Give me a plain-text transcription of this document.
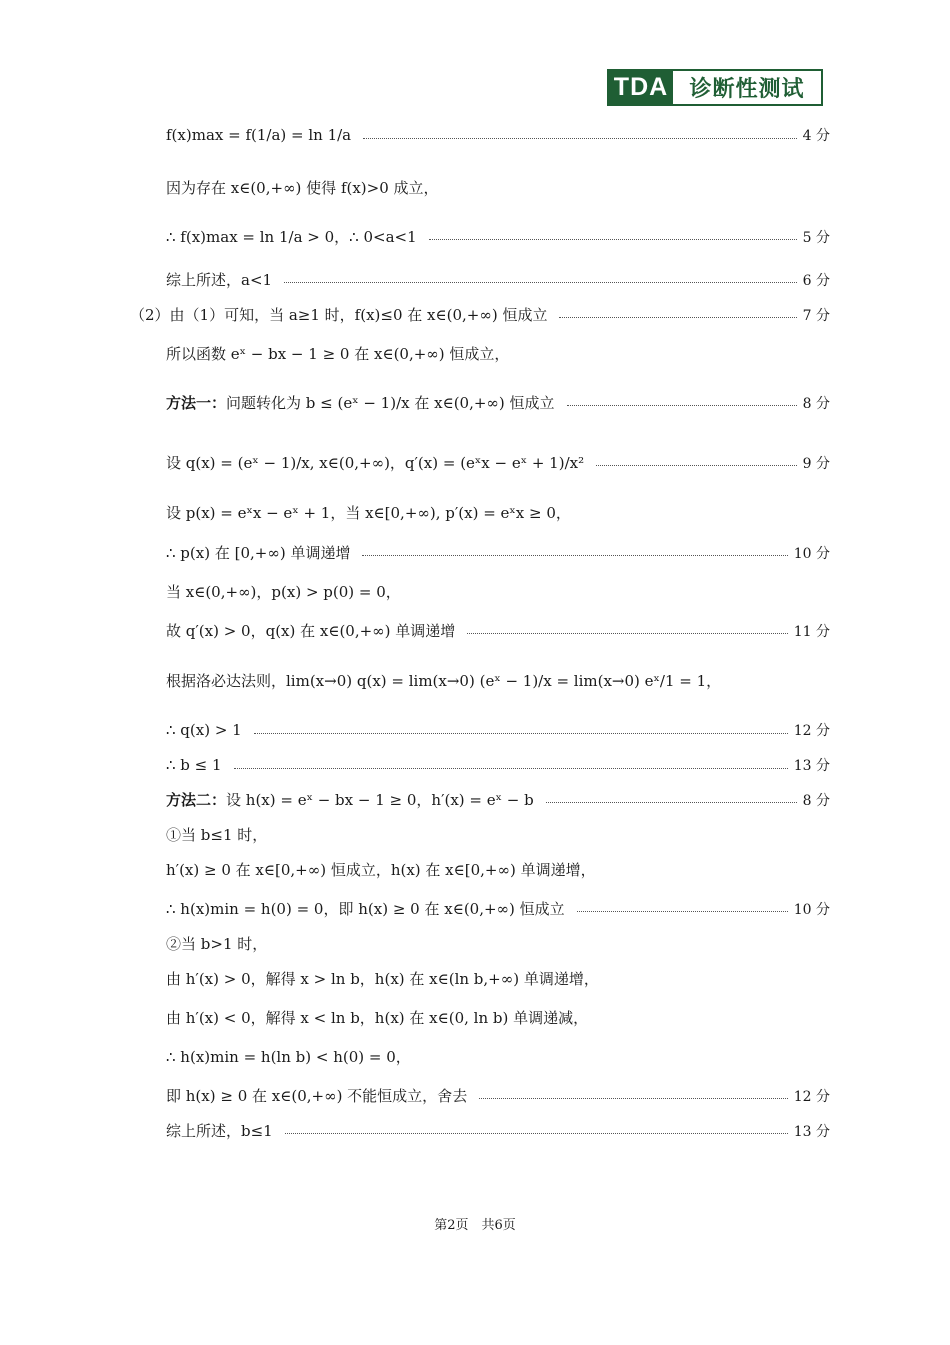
TDA 诊断性测试
f(x)max = f(1/a) = ln 1/a	4 分
因为存在 x∈(0,+∞) 使得 f(x)>0 成立，
∴ f(x)max = ln 1/a > 0，∴ 0<a<1	5 分
综上所述，a<1	6 分
（2）由（1）可知，当 a≥1 时，f(x)≤0 在 x∈(0,+∞) 恒成立	7 分
所以函数 eˣ − bx − 1 ≥ 0 在 x∈(0,+∞) 恒成立，
方法一： 问题转化为 b ≤ (eˣ − 1)/x 在 x∈(0,+∞) 恒成立	8 分
设 q(x) = (eˣ − 1)/x, x∈(0,+∞)，q′(x) = (eˣx − eˣ + 1)/x²	9 分
设 p(x) = eˣx − eˣ + 1，当 x∈[0,+∞), p′(x) = eˣx ≥ 0，
∴ p(x) 在 [0,+∞) 单调递增	10 分
当 x∈(0,+∞)，p(x) > p(0) = 0，
故 q′(x) > 0，q(x) 在 x∈(0,+∞) 单调递增	11 分
根据洛必达法则，lim(x→0) q(x) = lim(x→0) (eˣ − 1)/x = lim(x→0) eˣ/1 = 1，
∴ q(x) > 1	12 分
∴ b ≤ 1	13 分
方法二： 设 h(x) = eˣ − bx − 1 ≥ 0，h′(x) = eˣ − b	8 分
①当 b≤1 时，
h′(x) ≥ 0 在 x∈[0,+∞) 恒成立，h(x) 在 x∈[0,+∞) 单调递增，
∴ h(x)min = h(0) = 0，即 h(x) ≥ 0 在 x∈(0,+∞) 恒成立	10 分
②当 b>1 时，
由 h′(x) > 0，解得 x > ln b，h(x) 在 x∈(ln b,+∞) 单调递增，
由 h′(x) < 0，解得 x < ln b，h(x) 在 x∈(0, ln b) 单调递减，
∴ h(x)min = h(ln b) < h(0) = 0，
即 h(x) ≥ 0 在 x∈(0,+∞) 不能恒成立，舍去	12 分
综上所述，b≤1	13 分
第2页　共6页
